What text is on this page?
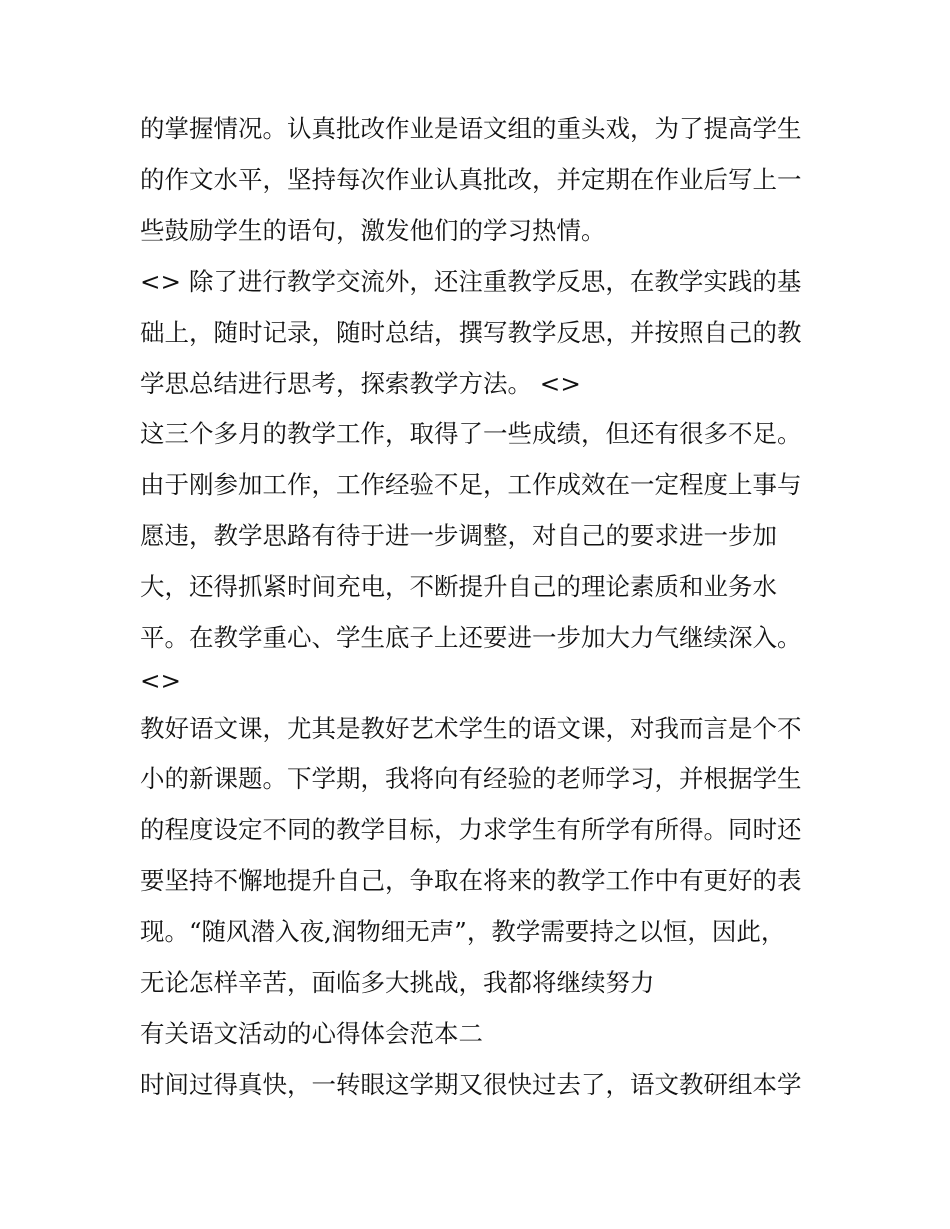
的掌握情况。认真批改作业是语文组的重头戏，为了提高学生
的作文水平，坚持每次作业认真批改，并定期在作业后写上一
些鼓励学生的语句，激发他们的学习热情。
<> 除了进行教学交流外，还注重教学反思，在教学实践的基
础上，随时记录，随时总结，撰写教学反思，并按照自己的教
学思总结进行思考，探索教学方法。 <>
这三个多月的教学工作，取得了一些成绩，但还有很多不足。
由于刚参加工作，工作经验不足，工作成效在一定程度上事与
愿违，教学思路有待于进一步调整，对自己的要求进一步加
大，还得抓紧时间充电，不断提升自己的理论素质和业务水
平。在教学重心、学生底子上还要进一步加大力气继续深入。
<>
教好语文课，尤其是教好艺术学生的语文课，对我而言是个不
小的新课题。下学期，我将向有经验的老师学习，并根据学生
的程度设定不同的教学目标，力求学生有所学有所得。同时还
要坚持不懈地提升自己，争取在将来的教学工作中有更好的表
现。“随风潜入夜,润物细无声”，教学需要持之以恒，因此，
无论怎样辛苦，面临多大挑战，我都将继续努力
有关语文活动的心得体会范本二
时间过得真快，一转眼这学期又很快过去了，语文教研组本学
